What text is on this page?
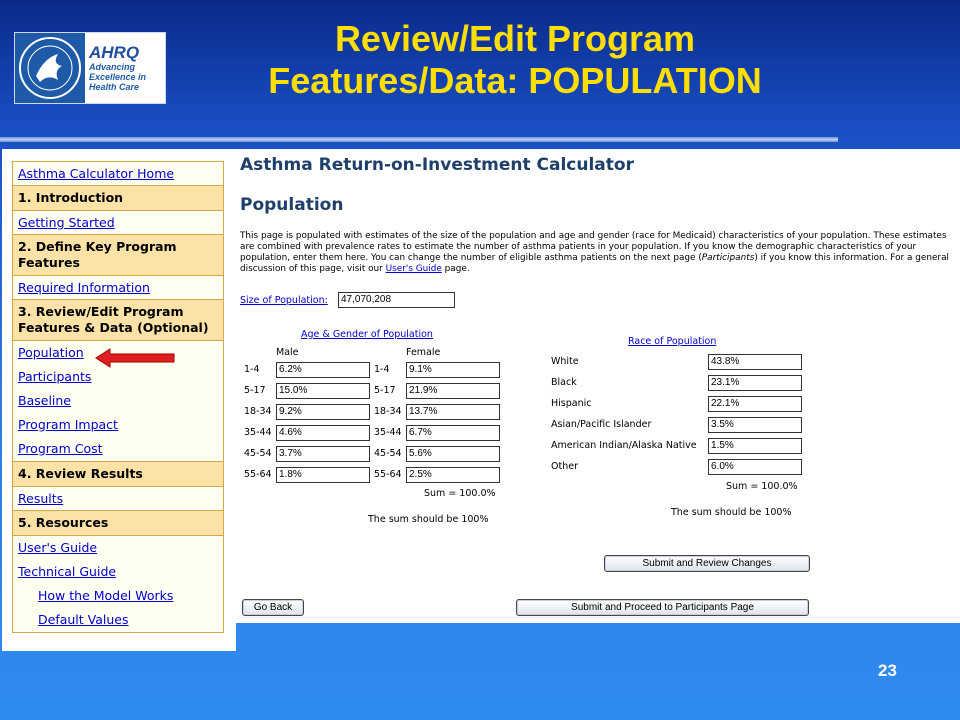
AHRQ
Advancing
Excellence in
Health Care
Review/Edit Program
Features/Data: POPULATION
Asthma Calculator Home
1. Introduction
Getting Started
2. Define Key Program Features
Required Information
3. Review/Edit Program Features & Data (Optional)
Population
Participants
Baseline
Program Impact
Program Cost
4. Review Results
Results
5. Resources
User's Guide
Technical Guide
How the Model Works
Default Values
Asthma Return-on-Investment Calculator
Population
This page is populated with estimates of the size of the population and age and gender (race for Medicaid) characteristics of your population. These estimates are combined with prevalence rates to estimate the number of asthma patients in your population. If you know the demographic characteristics of your population, enter them here. You can change the number of eligible asthma patients on the next page (Participants) if you know this information. For a general discussion of this page, visit our User's Guide page.
Size of Population:	47,070,208
Age & Gender of Population
Male	Female
1-4	6.2%	1-4	9.1%
5-17	15.0%	5-17	21.9%
18-34 9.2%	18-34 13.7%
35-44 4.6%	35-44 6.7%
45-54 3.7%	45-54 5.6%
55-64 1.8%	55-64 2.5%
Sum = 100.0%
The sum should be 100%
Race of Population
White	43.8%
Black	23.1%
Hispanic	22.1%
Asian/Pacific Islander	3.5%
American Indian/Alaska Native	1.5%
Other	6.0%
Sum = 100.0%
The sum should be 100%
Submit and Review Changes
Go Back	Submit and Proceed to Participants Page
23
